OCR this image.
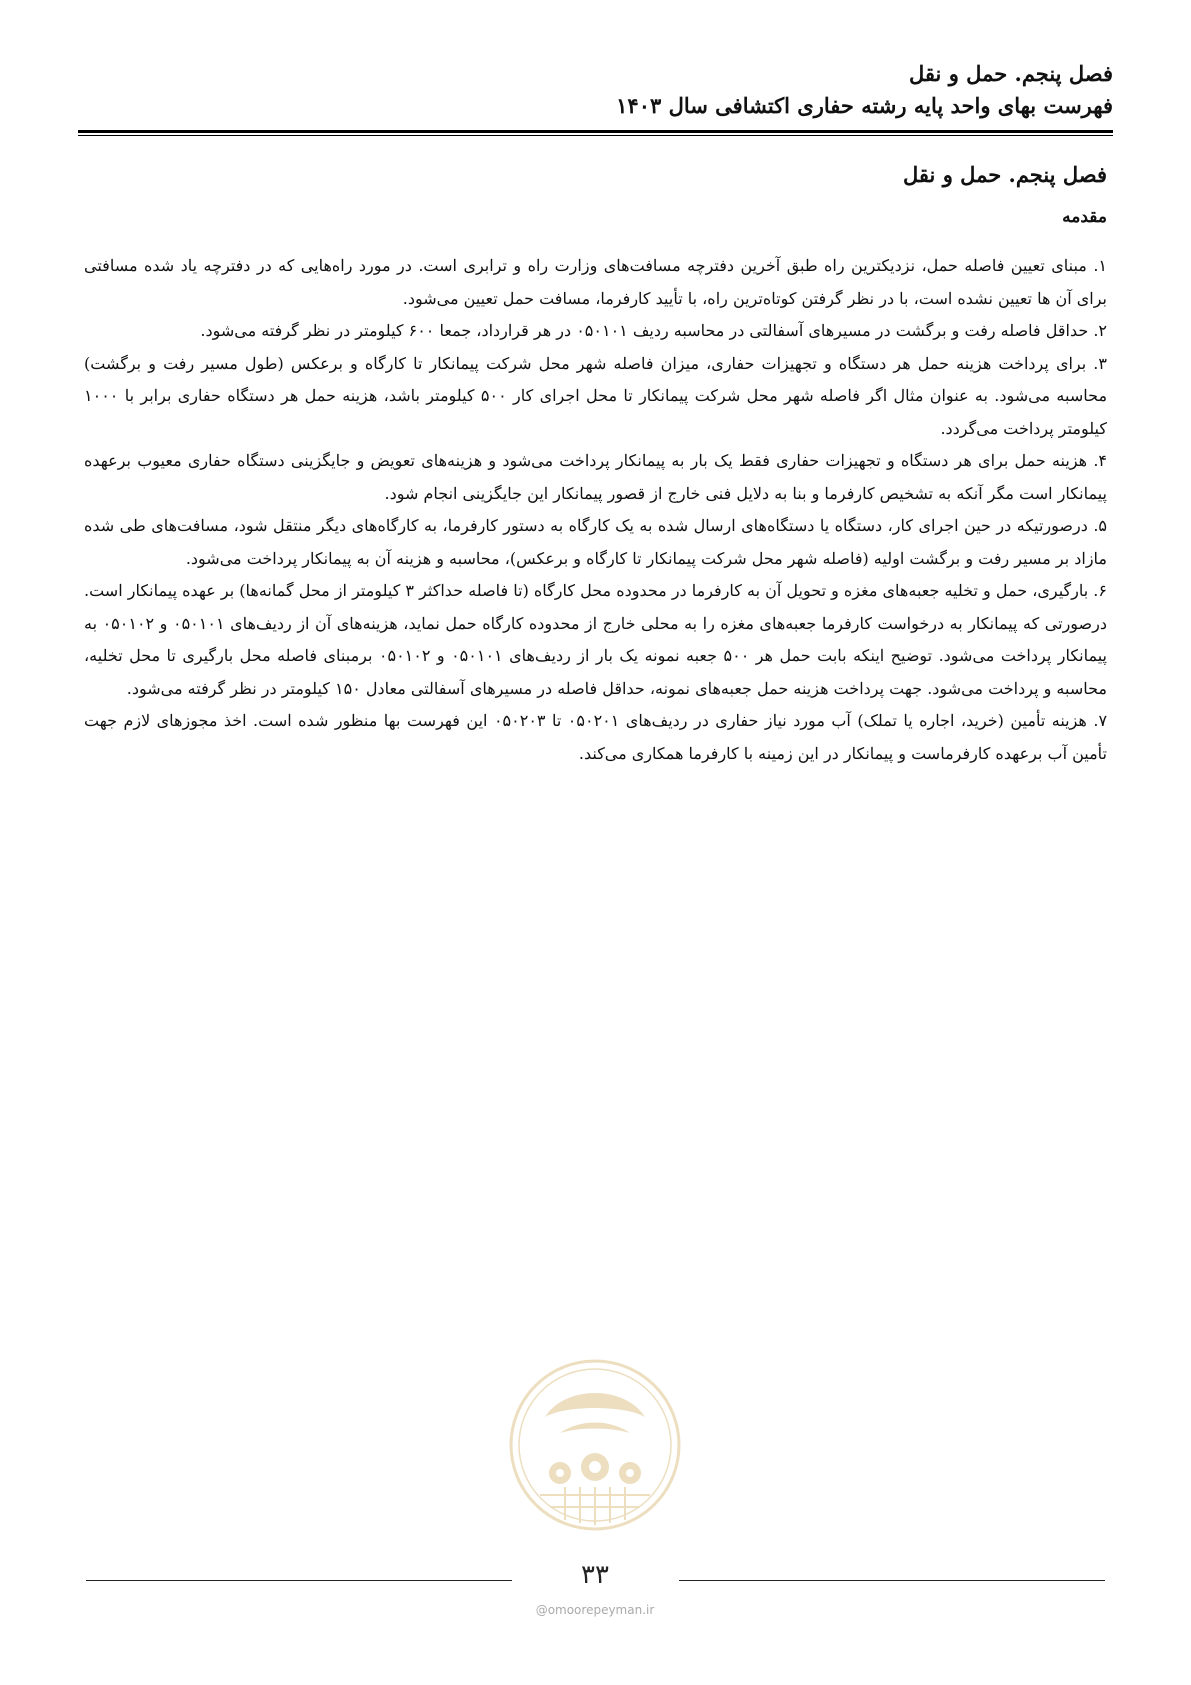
فصل پنجم. حمل و نقل
فهرست بهای واحد پایه رشته حفاری اکتشافی سال ۱۴۰۳
فصل پنجم. حمل و نقل
مقدمه

۱. مبنای تعیین فاصله حمل، نزدیکترین راه طبق آخرین دفترچه مسافت‌های وزارت راه و ترابری است. در مورد راه‌هایی که در دفترچه یاد شده مسافتی برای آن ها تعیین نشده است، با در نظر گرفتن کوتاه‌ترین راه، با تأیید کارفرما، مسافت حمل تعیین می‌شود.

۲. حداقل فاصله رفت و برگشت در مسیرهای آسفالتی در محاسبه ردیف ۰۵۰۱۰۱ در هر قرارداد، جمعا ۶۰۰ کیلومتر در نظر گرفته می‌شود.

۳. برای پرداخت هزینه حمل هر دستگاه و تجهیزات حفاری، میزان فاصله شهر محل شرکت پیمانکار تا کارگاه و برعکس (طول مسیر رفت و برگشت) محاسبه می‌شود. به عنوان مثال اگر فاصله شهر محل شرکت پیمانکار تا محل اجرای کار ۵۰۰ کیلومتر باشد، هزینه حمل هر دستگاه حفاری برابر با ۱۰۰۰ کیلومتر پرداخت می‌گردد.

۴. هزینه حمل برای هر دستگاه و تجهیزات حفاری فقط یک بار به پیمانکار پرداخت می‌شود و هزینه‌های تعویض و جایگزینی دستگاه حفاری معیوب برعهده پیمانکار است مگر آنکه به تشخیص کارفرما و بنا به دلایل فنی خارج از قصور پیمانکار این جایگزینی انجام شود.

۵. درصورتیکه در حین اجرای کار، دستگاه یا دستگاه‌های ارسال شده به یک کارگاه به دستور کارفرما، به کارگاه‌های دیگر منتقل شود، مسافت‌های طی شده مازاد بر مسیر رفت و برگشت اولیه (فاصله شهر محل شرکت پیمانکار تا کارگاه و برعکس)، محاسبه و هزینه آن به پیمانکار پرداخت می‌شود.

۶. بارگیری، حمل و تخلیه جعبه‌های مغزه و تحویل آن به کارفرما در محدوده محل کارگاه (تا فاصله حداکثر ۳ کیلومتر از محل گمانه‌ها) بر عهده پیمانکار است. درصورتی که پیمانکار به درخواست کارفرما جعبه‌های مغزه را به محلی خارج از محدوده کارگاه حمل نماید، هزینه‌های آن از ردیف‌های ۰۵۰۱۰۱ و ۰۵۰۱۰۲ به پیمانکار پرداخت می‌شود. توضیح اینکه بابت حمل هر ۵۰۰ جعبه نمونه یک بار از ردیف‌های ۰۵۰۱۰۱ و ۰۵۰۱۰۲ برمبنای فاصله محل بارگیری تا محل تخلیه، محاسبه و پرداخت می‌شود. جهت پرداخت هزینه حمل جعبه‌های نمونه، حداقل فاصله در مسیرهای آسفالتی معادل ۱۵۰ کیلومتر در نظر گرفته می‌شود.

۷. هزینه تأمین (خرید، اجاره یا تملک) آب مورد نیاز حفاری در ردیف‌های ۰۵۰۲۰۱ تا ۰۵۰۲۰۳ این فهرست بها منظور شده است. اخذ مجوزهای لازم جهت تأمین آب برعهده کارفرماست و پیمانکار در این زمینه با کارفرما همکاری می‌کند.

۳۳
@omoorepeyman.ir
